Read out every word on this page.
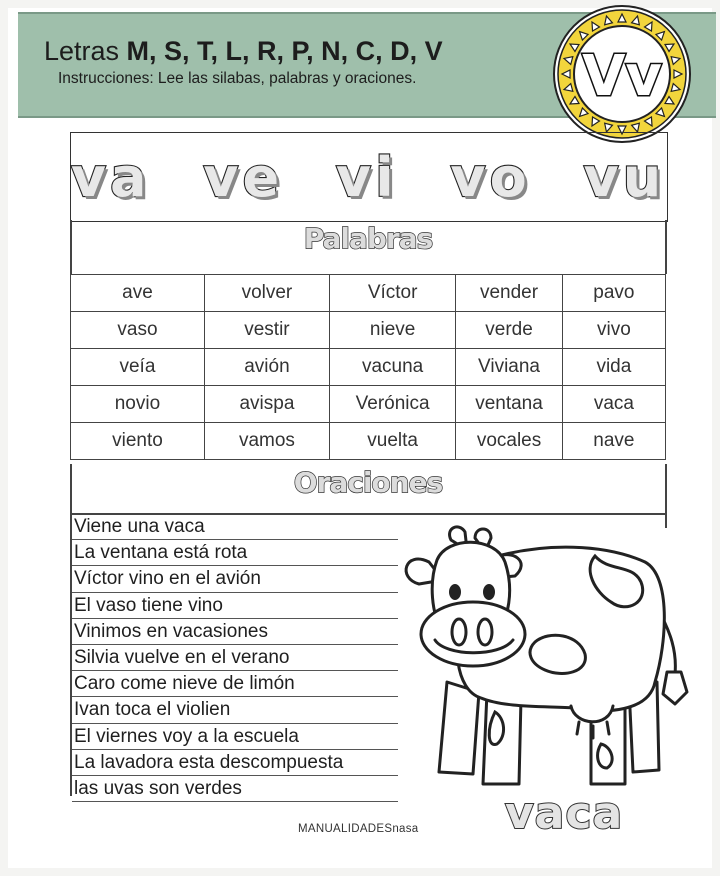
Letras M, S, T, L, R, P, N, C, D, V
Instrucciones: Lee las silabas, palabras y oraciones.	Vv
va ve vi vo vu
Palabras
ave	volver	Víctor	vender	pavo
vaso	vestir	nieve	verde	vivo
veía	avión	vacuna	Viviana	vida
novio	avispa	Verónica	ventana	vaca
viento	vamos	vuelta	vocales	nave
Oraciones
Viene una vaca
La ventana está rota
Víctor vino en el avión
El vaso tiene vino
Vinimos en vacasiones
Silvia vuelve en el verano
Caro come nieve de limón
Ivan toca el violien
El viernes voy a la escuela
La lavadora esta descompuesta
las uvas son verdes	vaca
MANUALIDADESnasa
